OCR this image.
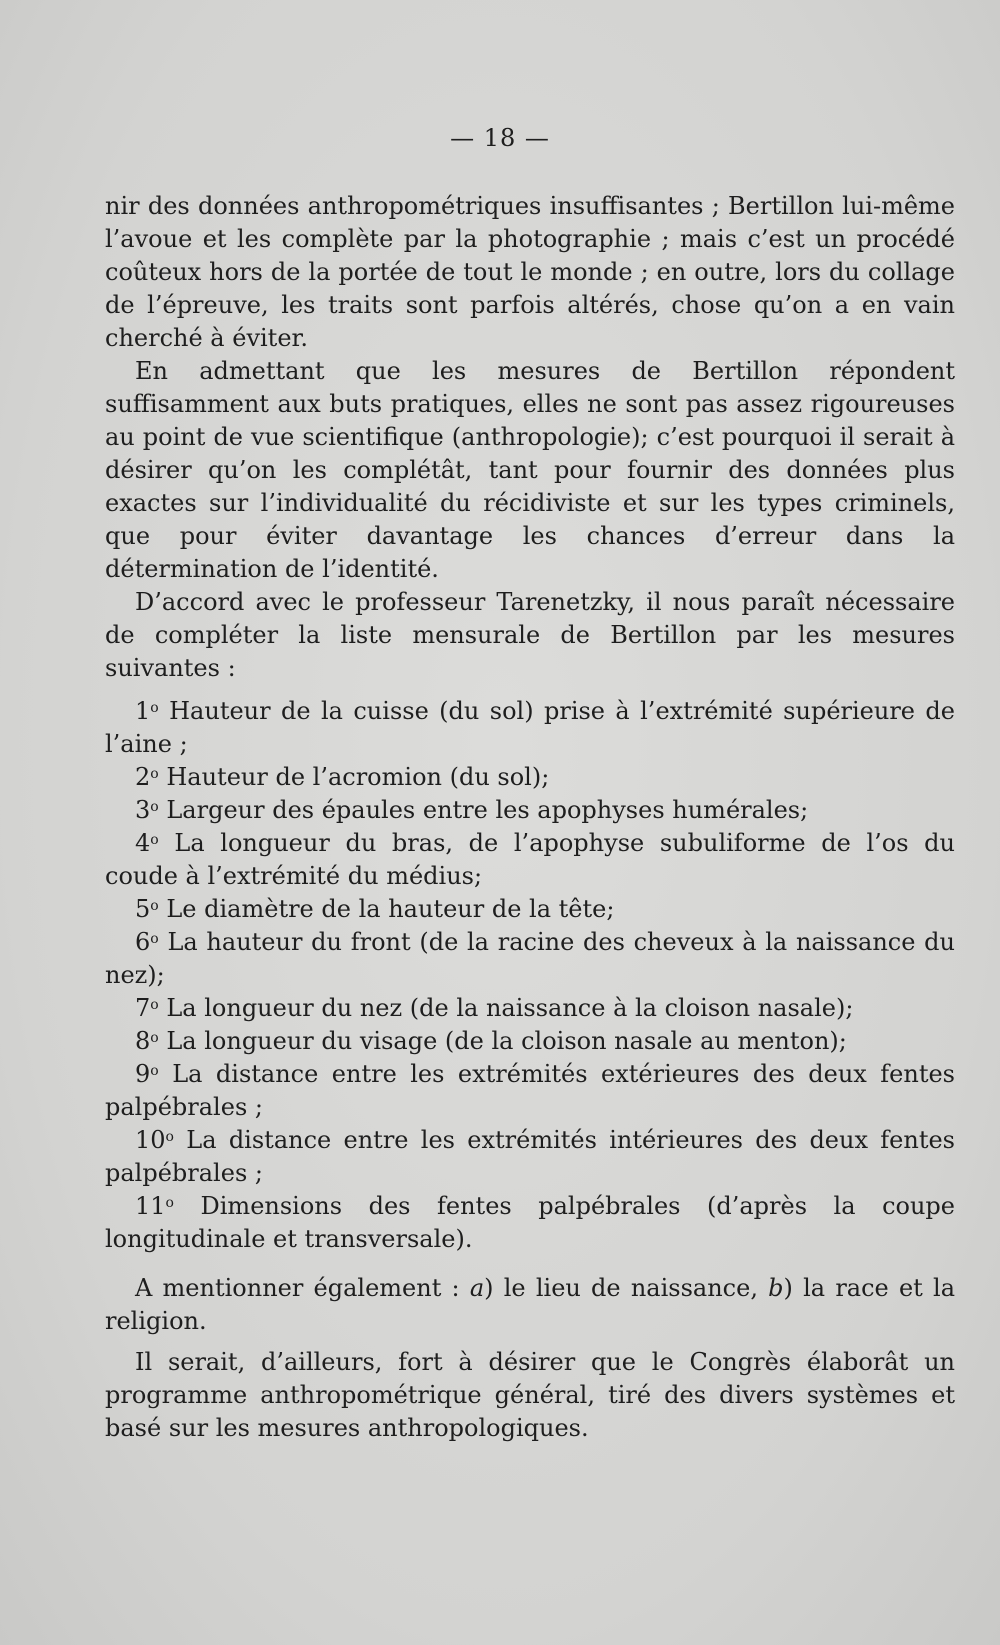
— 18 —

nir des données anthropométriques insuffisantes ; Bertillon lui-même l’avoue et les complète par la photographie ; mais c’est un procédé coûteux hors de la portée de tout le monde ; en outre, lors du collage de l’épreuve, les traits sont parfois altérés, chose qu’on a en vain cherché à éviter.

En admettant que les mesures de Bertillon répondent suffisamment aux buts pratiques, elles ne sont pas assez rigoureuses au point de vue scientifique (anthropologie); c’est pourquoi il serait à désirer qu’on les complétât, tant pour fournir des données plus exactes sur l’individualité du récidiviste et sur les types criminels, que pour éviter davantage les chances d’erreur dans la détermination de l’identité.

D’accord avec le professeur Tarenetzky, il nous paraît nécessaire de compléter la liste mensurale de Bertillon par les mesures suivantes :

1$^o$ Hauteur de la cuisse (du sol) prise à l’extrémité supérieure de l’aine ;

2$^o$ Hauteur de l’acromion (du sol);

3$^o$ Largeur des épaules entre les apophyses humérales;

4$^o$ La longueur du bras, de l’apophyse subuliforme de l’os du coude à l’extrémité du médius;

5$^o$ Le diamètre de la hauteur de la tête;

6$^o$ La hauteur du front (de la racine des cheveux à la naissance du nez);

7$^o$ La longueur du nez (de la naissance à la cloison nasale);

8$^o$ La longueur du visage (de la cloison nasale au menton);

9$^o$ La distance entre les extrémités extérieures des deux fentes palpébrales ;

10$^o$ La distance entre les extrémités intérieures des deux fentes palpébrales ;

11$^o$ Dimensions des fentes palpébrales (d’après la coupe longitudinale et transversale).

A mentionner également : a) le lieu de naissance, b) la race et la religion.

Il serait, d’ailleurs, fort à désirer que le Congrès élaborât un programme anthropométrique général, tiré des divers systèmes et basé sur les mesures anthropologiques.
